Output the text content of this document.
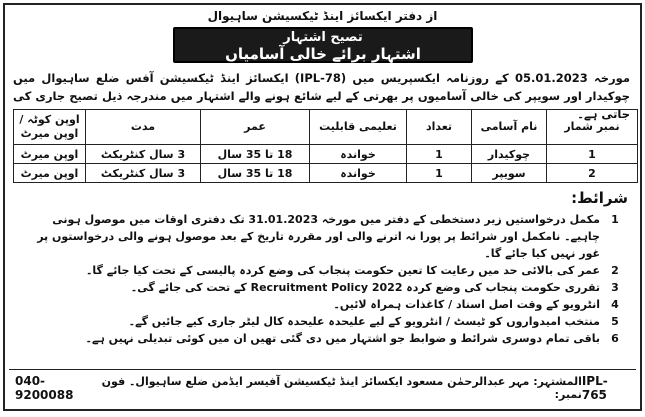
از دفتر ایکسائز اینڈ ٹیکسیشن ساہیوال
تصیح اشتہار
اشتہار برائے خالی آسامیاں
مورخہ 05.01.2023 کے روزنامہ ایکسپریس میں (IPL-78) ایکسائز اینڈ ٹیکسیشن آفس ضلع ساہیوال میں چوکیدار اور سویپر کی خالی آسامیوں پر بھرتی کے لیے شائع ہونے والے اشتہار میں مندرجہ ذیل تصیح جاری کی جاتی ہے۔
نمبر شمار	نام آسامی	تعداد	تعلیمی قابلیت	عمر	مدت	اوپن کوٹہ / اوپن میرٹ
1	چوکیدار	1	خواندہ	18 تا 35 سال	3 سال کنٹریکٹ	اوپن میرٹ
2	سویپر	1	خواندہ	18 تا 35 سال	3 سال کنٹریکٹ	اوپن میرٹ
شرائط:
1
مکمل درخواستیں زیر دستخطی کے دفتر میں مورخہ 31.01.2023 تک دفتری اوقات میں موصول ہونی چاہیے۔ نامکمل اور شرائط پر پورا نہ اترنے والی اور مقررہ تاریخ کے بعد موصول ہونے والی درخواستوں پر غور نہیں کیا جائے گا۔
2
عمر کی بالائی حد میں رعایت کا تعین حکومت پنجاب کی وضع کردہ پالیسی کے تحت کیا جائے گا۔
3
تقرری حکومت پنجاب کی وضع کردہ Recruitment Policy 2022 کے تحت کی جائے گی۔
4
انٹرویو کے وقت اصل اسناد / کاغذات ہمراہ لائیں۔
5
منتخب امیدواروں کو ٹیسٹ / انٹرویو کے لیے علیحدہ علیحدہ کال لیٹر جاری کیے جائیں گے۔
6
باقی تمام دوسری شرائط و ضوابط جو اشتہار میں دی گئی تھیں ان میں کوئی تبدیلی نہیں ہے۔
040-9200088
المشتہر: مہر عبدالرحمٰن مسعود ایکسائز اینڈ ٹیکسیشن آفیسر ایڈمن ضلع ساہیوال۔ فون نمبر:
IPL-765
